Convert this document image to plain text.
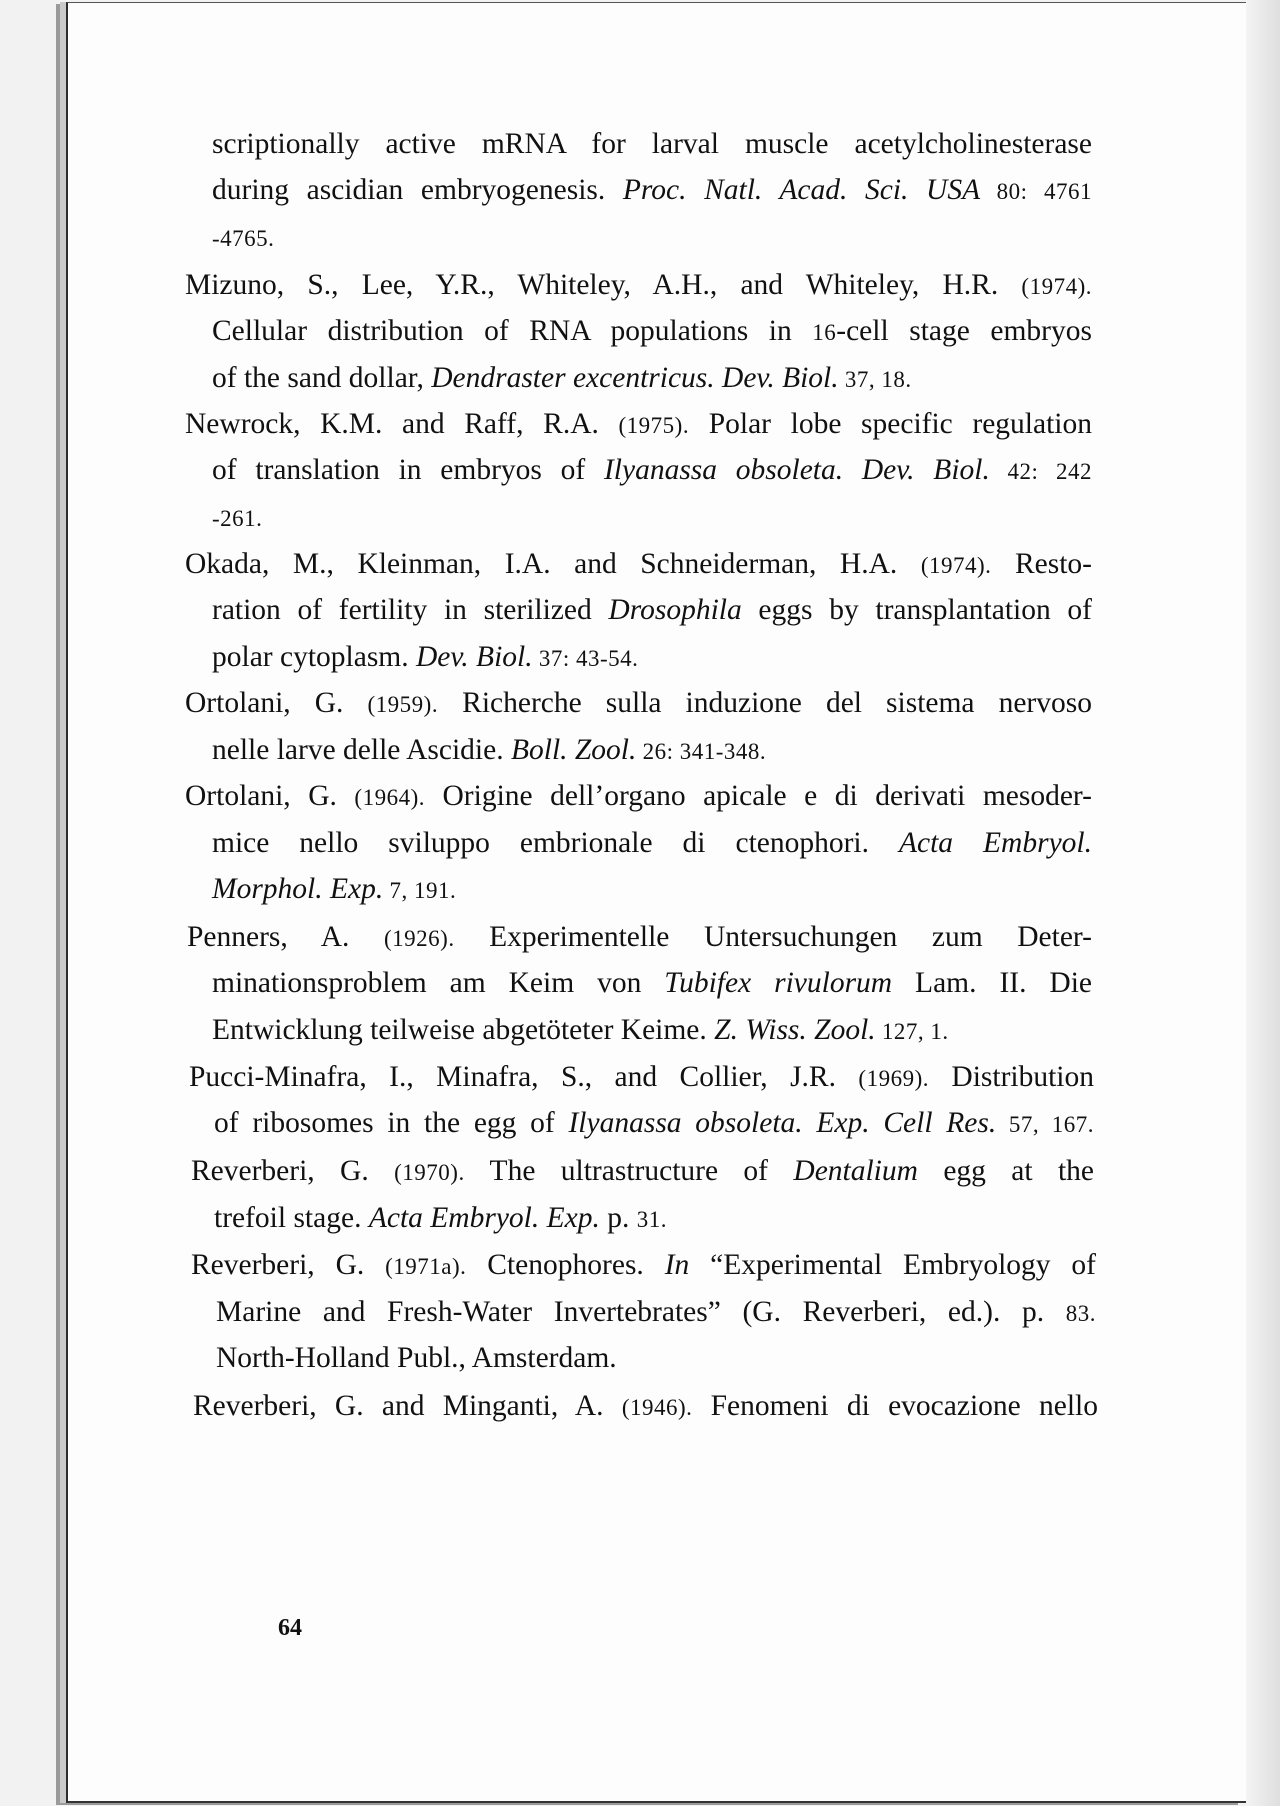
scriptionally active mRNA for larval muscle acetylcholinesterase
during ascidian embryogenesis. Proc. Natl. Acad. Sci. USA 80: 4761
-4765.
Mizuno, S., Lee, Y.R., Whiteley, A.H., and Whiteley, H.R. (1974).
Cellular distribution of RNA populations in 16-cell stage embryos
of the sand dollar, Dendraster excentricus. Dev. Biol. 37, 18.
Newrock, K.M. and Raff, R.A. (1975). Polar lobe specific regulation
of translation in embryos of Ilyanassa obsoleta. Dev. Biol. 42: 242
-261.
Okada, M., Kleinman, I.A. and Schneiderman, H.A. (1974). Resto-
ration of fertility in sterilized Drosophila eggs by transplantation of
polar cytoplasm. Dev. Biol. 37: 43-54.
Ortolani, G. (1959). Richerche sulla induzione del sistema nervoso
nelle larve delle Ascidie. Boll. Zool. 26: 341-348.
Ortolani, G. (1964). Origine dell’organo apicale e di derivati mesoder-
mice nello sviluppo embrionale di ctenophori. Acta Embryol.
Morphol. Exp. 7, 191.
Penners, A. (1926). Experimentelle Untersuchungen zum Deter-
minationsproblem am Keim von Tubifex rivulorum Lam. II. Die
Entwicklung teilweise abgetöteter Keime. Z. Wiss. Zool. 127, 1.
Pucci-Minafra, I., Minafra, S., and Collier, J.R. (1969). Distribution
of ribosomes in the egg of Ilyanassa obsoleta. Exp. Cell Res. 57, 167.
Reverberi, G. (1970). The ultrastructure of Dentalium egg at the
trefoil stage. Acta Embryol. Exp. p. 31.
Reverberi, G. (1971a). Ctenophores. In “Experimental Embryology of
Marine and Fresh-Water Invertebrates” (G. Reverberi, ed.). p. 83.
North-Holland Publ., Amsterdam.
Reverberi, G. and Minganti, A. (1946). Fenomeni di evocazione nello
64
